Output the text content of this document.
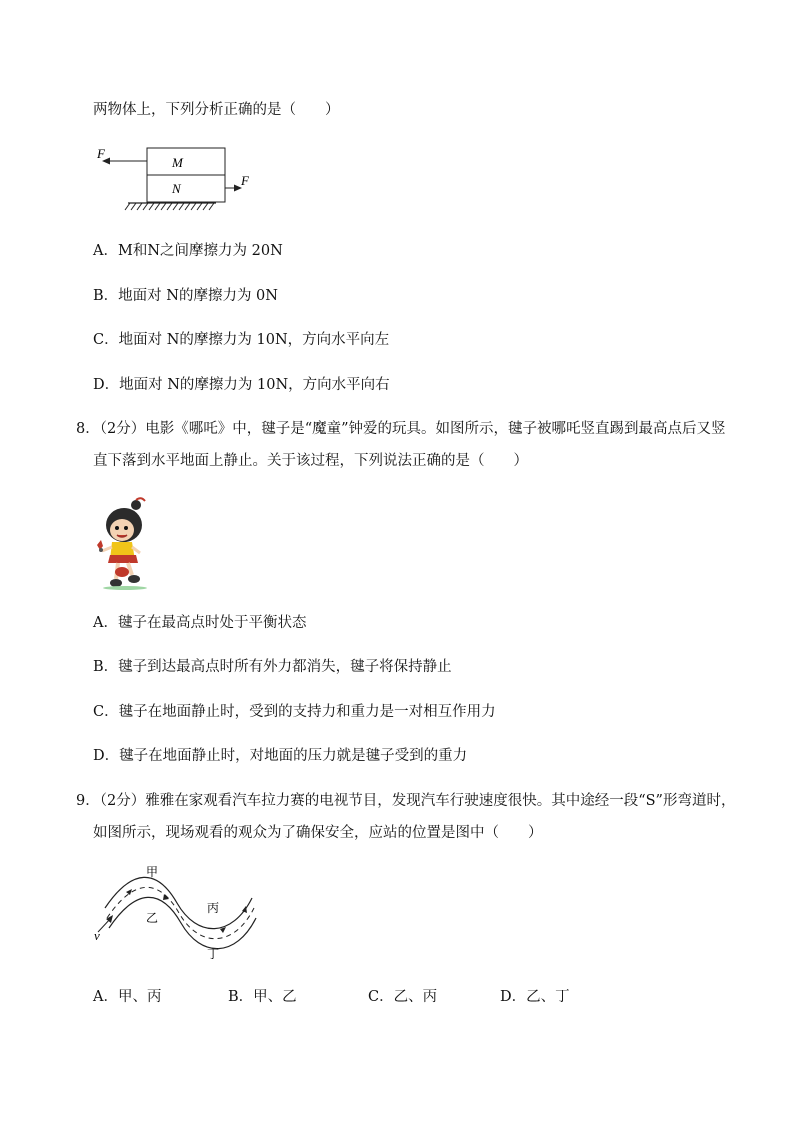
两物体上，下列分析正确的是（　　）
M
N
F
F
A．M和N之间摩擦力为 20N
B．地面对 N的摩擦力为 0N
C．地面对 N的摩擦力为 10N，方向水平向左
D．地面对 N的摩擦力为 10N，方向水平向右
8．（2分）电影《哪吒》中，毽子是“魔童”钟爱的玩具。如图所示，毽子被哪吒竖直踢到最高点后又竖
直下落到水平地面上静止。关于该过程，下列说法正确的是（　　）
A．毽子在最高点时处于平衡状态
B．毽子到达最高点时所有外力都消失，毽子将保持静止
C．毽子在地面静止时，受到的支持力和重力是一对相互作用力
D．毽子在地面静止时，对地面的压力就是毽子受到的重力
9．（2分）雅雅在家观看汽车拉力赛的电视节目，发现汽车行驶速度很快。其中途经一段“S”形弯道时，
如图所示，现场观看的观众为了确保安全，应站的位置是图中（　　）
v
甲
乙
丙
丁
A．甲、丙	B．甲、乙	C．乙、丙	D．乙、丁
